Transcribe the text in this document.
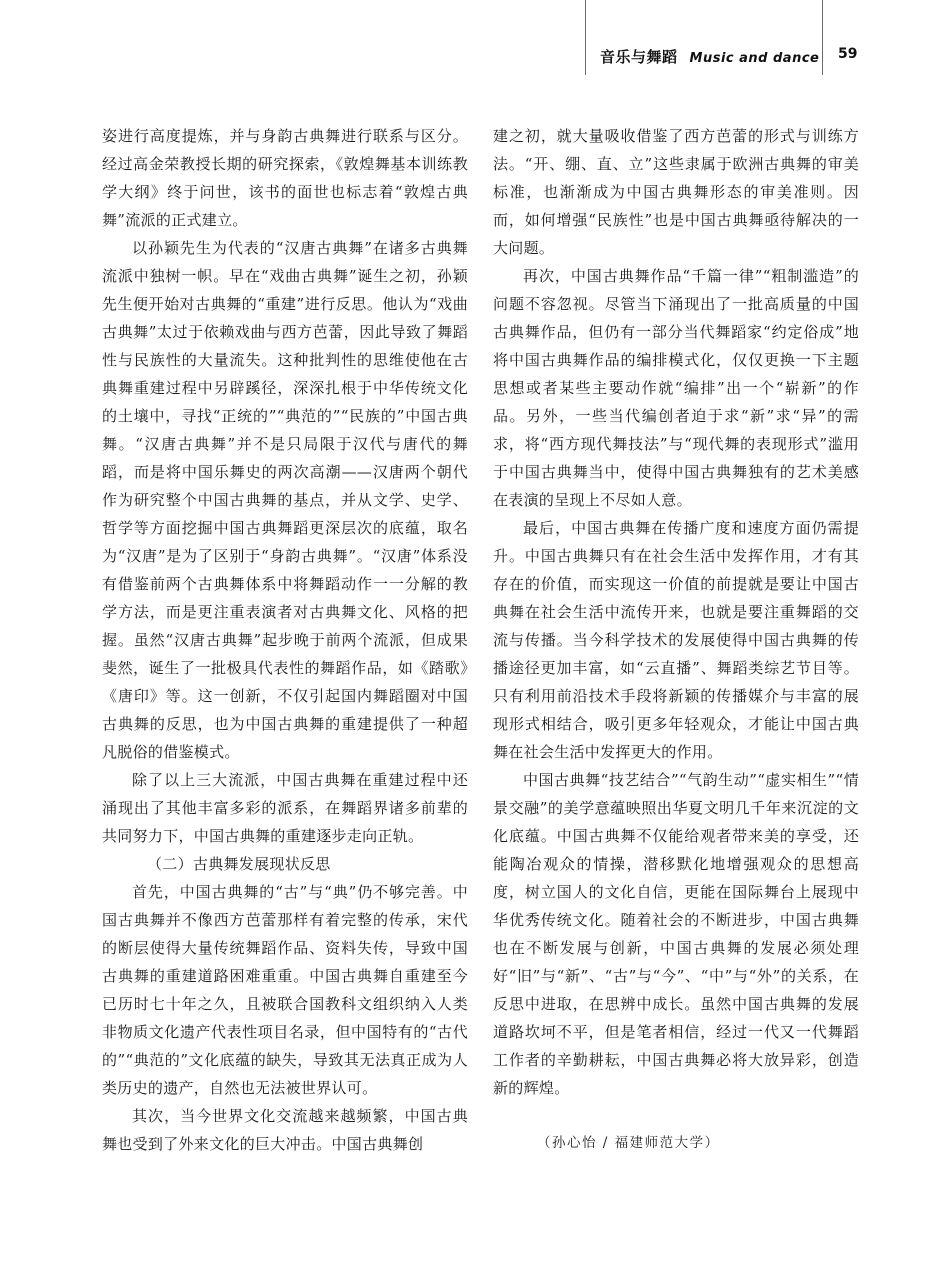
音乐与舞蹈 Music and dance 59

姿进行高度提炼，并与身韵古典舞进行联系与区分。经过高金荣教授长期的研究探索，《敦煌舞基本训练教学大纲》终于问世，该书的面世也标志着“敦煌古典舞”流派的正式建立。

以孙颖先生为代表的“汉唐古典舞”在诸多古典舞流派中独树一帜。早在“戏曲古典舞”诞生之初，孙颖先生便开始对古典舞的“重建”进行反思。他认为“戏曲古典舞”太过于依赖戏曲与西方芭蕾，因此导致了舞蹈性与民族性的大量流失。这种批判性的思维使他在古典舞重建过程中另辟蹊径，深深扎根于中华传统文化的土壤中，寻找“正统的”“典范的”“民族的”中国古典舞。“汉唐古典舞”并不是只局限于汉代与唐代的舞蹈，而是将中国乐舞史的两次高潮——汉唐两个朝代作为研究整个中国古典舞的基点，并从文学、史学、哲学等方面挖掘中国古典舞蹈更深层次的底蕴，取名为“汉唐”是为了区别于“身韵古典舞”。“汉唐”体系没有借鉴前两个古典舞体系中将舞蹈动作一一分解的教学方法，而是更注重表演者对古典舞文化、风格的把握。虽然“汉唐古典舞”起步晚于前两个流派，但成果斐然，诞生了一批极具代表性的舞蹈作品，如《踏歌》《唐印》等。这一创新，不仅引起国内舞蹈圈对中国古典舞的反思，也为中国古典舞的重建提供了一种超凡脱俗的借鉴模式。

除了以上三大流派，中国古典舞在重建过程中还涌现出了其他丰富多彩的派系，在舞蹈界诸多前辈的共同努力下，中国古典舞的重建逐步走向正轨。

（二）古典舞发展现状反思

首先，中国古典舞的“古”与“典”仍不够完善。中国古典舞并不像西方芭蕾那样有着完整的传承，宋代的断层使得大量传统舞蹈作品、资料失传，导致中国古典舞的重建道路困难重重。中国古典舞自重建至今已历时七十年之久，且被联合国教科文组织纳入人类非物质文化遗产代表性项目名录，但中国特有的“古代的”“典范的”文化底蕴的缺失，导致其无法真正成为人类历史的遗产，自然也无法被世界认可。

其次，当今世界文化交流越来越频繁，中国古典舞也受到了外来文化的巨大冲击。中国古典舞创

建之初，就大量吸收借鉴了西方芭蕾的形式与训练方法。“开、绷、直、立”这些隶属于欧洲古典舞的审美标准，也渐渐成为中国古典舞形态的审美准则。因而，如何增强“民族性”也是中国古典舞亟待解决的一大问题。

再次，中国古典舞作品“千篇一律”“粗制滥造”的问题不容忽视。尽管当下涌现出了一批高质量的中国古典舞作品，但仍有一部分当代舞蹈家“约定俗成”地将中国古典舞作品的编排模式化，仅仅更换一下主题思想或者某些主要动作就“编排”出一个“崭新”的作品。另外，一些当代编创者迫于求“新”求“异”的需求，将“西方现代舞技法”与“现代舞的表现形式”滥用于中国古典舞当中，使得中国古典舞独有的艺术美感在表演的呈现上不尽如人意。

最后，中国古典舞在传播广度和速度方面仍需提升。中国古典舞只有在社会生活中发挥作用，才有其存在的价值，而实现这一价值的前提就是要让中国古典舞在社会生活中流传开来，也就是要注重舞蹈的交流与传播。当今科学技术的发展使得中国古典舞的传播途径更加丰富，如“云直播”、舞蹈类综艺节目等。只有利用前沿技术手段将新颖的传播媒介与丰富的展现形式相结合，吸引更多年轻观众，才能让中国古典舞在社会生活中发挥更大的作用。

中国古典舞“技艺结合”“气韵生动”“虚实相生”“情景交融”的美学意蕴映照出华夏文明几千年来沉淀的文化底蕴。中国古典舞不仅能给观者带来美的享受，还能陶冶观众的情操，潜移默化地增强观众的思想高度，树立国人的文化自信，更能在国际舞台上展现中华优秀传统文化。随着社会的不断进步，中国古典舞也在不断发展与创新，中国古典舞的发展必须处理好“旧”与“新”、“古”与“今”、“中”与“外”的关系，在反思中进取，在思辨中成长。虽然中国古典舞的发展道路坎坷不平，但是笔者相信，经过一代又一代舞蹈工作者的辛勤耕耘，中国古典舞必将大放异彩，创造新的辉煌。

（孙心怡 / 福建师范大学）
